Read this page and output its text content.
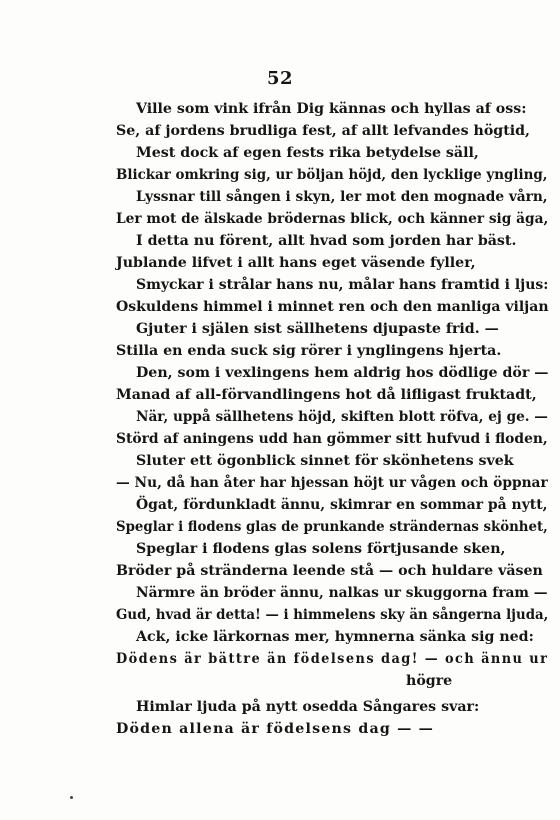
52
Ville som vink ifrån Dig kännas och hyllas af oss:
Se, af jordens brudliga fest, af allt lefvandes högtid,
Mest dock af egen fests rika betydelse säll,
Blickar omkring sig, ur böljan höjd, den lycklige yngling,
Lyssnar till sången i skyn, ler mot den mognade vårn,
Ler mot de älskade brödernas blick, och känner sig äga,
I detta nu förent, allt hvad som jorden har bäst.
Jublande lifvet i allt hans eget väsende fyller,
Smyckar i strålar hans nu, målar hans framtid i ljus:
Oskuldens himmel i minnet ren och den manliga viljan
Gjuter i själen sist sällhetens djupaste frid. —
Stilla en enda suck sig rörer i ynglingens hjerta.
Den, som i vexlingens hem aldrig hos dödlige dör —
Manad af all-förvandlingens hot då lifligast fruktadt,
När, uppå sällhetens höjd, skiften blott röfva, ej ge. —
Störd af aningens udd han gömmer sitt hufvud i floden,
Sluter ett ögonblick sinnet för skönhetens svek
— Nu, då han åter har hjessan höjt ur vågen och öppnar
Ögat, fördunkladt ännu, skimrar en sommar på nytt,
Speglar i flodens glas de prunkande strändernas skönhet,
Speglar i flodens glas solens förtjusande sken,
Bröder på stränderna leende stå — och huldare väsen
Närmre än bröder ännu, nalkas ur skuggorna fram —
Gud, hvad är detta! — i himmelens sky än sångerna ljuda,
Ack, icke lärkornas mer, hymnerna sänka sig ned:
Dödens är bättre än födelsens dag! — och ännu ur
högre
Himlar ljuda på nytt osedda Sångares svar:
Döden allena är födelsens dag — —
